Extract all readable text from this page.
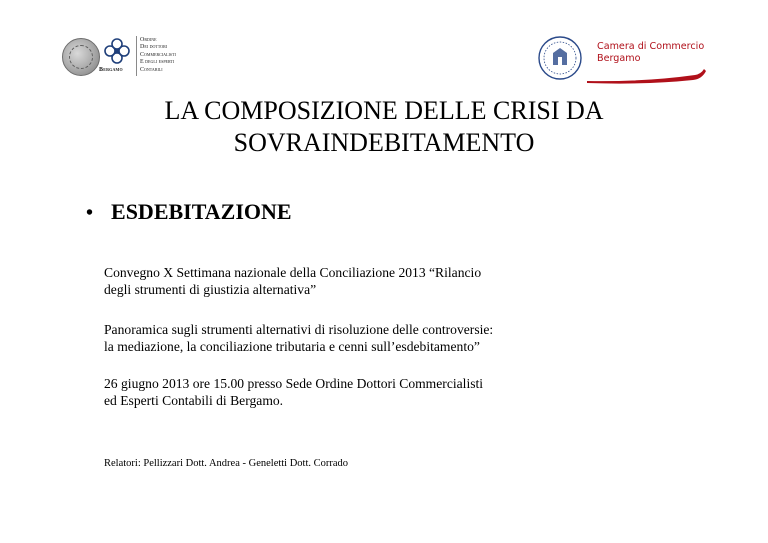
Bergamo
Ordine
Dei dottori
Commercialisti
E degli esperti
Contabili
Camera di Commercio
Bergamo
LA COMPOSIZIONE DELLE CRISI DA
SOVRAINDEBITAMENTO
• ESDEBITAZIONE
Convegno X Settimana nazionale della Conciliazione 2013 “Rilancio
degli strumenti di giustizia alternativa”
Panoramica sugli strumenti alternativi di risoluzione delle controversie:
la mediazione, la conciliazione tributaria e cenni sull’esdebitamento”
26 giugno 2013 ore 15.00 presso Sede Ordine Dottori Commercialisti
ed Esperti Contabili di Bergamo.
Relatori: Pellizzari Dott. Andrea - Geneletti Dott. Corrado
